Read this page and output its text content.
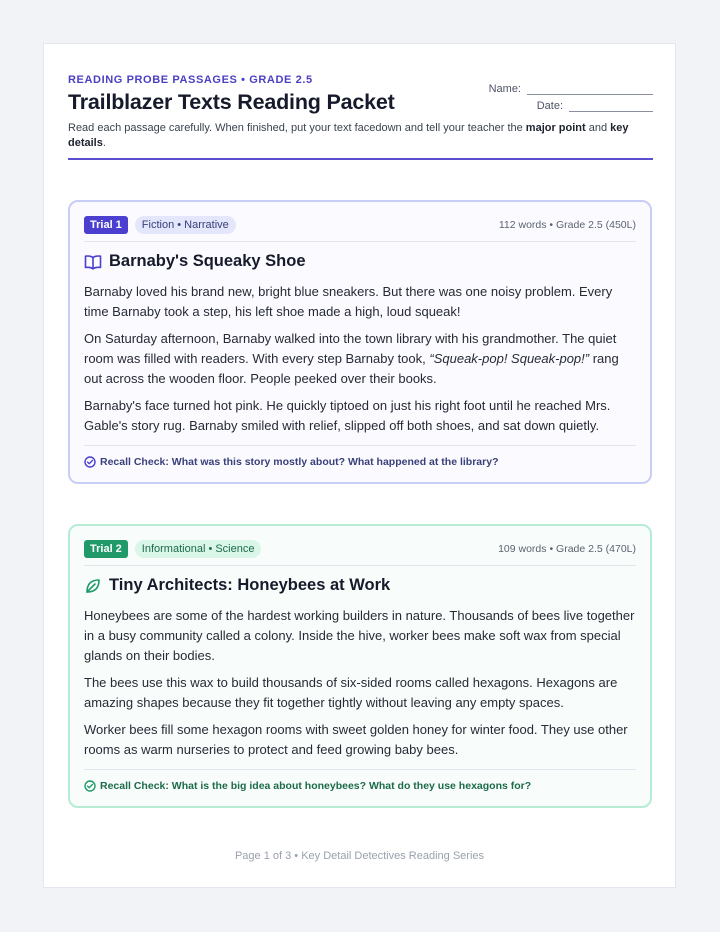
READING PROBE PASSAGES • GRADE 2.5
Trailblazer Texts Reading Packet
Read each passage carefully. When finished, put your text facedown and tell your teacher the major point and key details.
Name:
Date:
Trial 1	Fiction • Narrative	112 words • Grade 2.5 (450L)
Barnaby's Squeaky Shoe

Barnaby loved his brand new, bright blue sneakers. But there was one noisy problem. Every time Barnaby took a step, his left shoe made a high, loud squeak!

On Saturday afternoon, Barnaby walked into the town library with his grandmother. The quiet room was filled with readers. With every step Barnaby took, “Squeak-pop! Squeak-pop!” rang out across the wooden floor. People peeked over their books.

Barnaby's face turned hot pink. He quickly tiptoed on just his right foot until he reached Mrs. Gable's story rug. Barnaby smiled with relief, slipped off both shoes, and sat down quietly.

Recall Check: What was this story mostly about? What happened at the library?
Trial 2	Informational • Science	109 words • Grade 2.5 (470L)
Tiny Architects: Honeybees at Work

Honeybees are some of the hardest working builders in nature. Thousands of bees live together in a busy community called a colony. Inside the hive, worker bees make soft wax from special glands on their bodies.

The bees use this wax to build thousands of six-sided rooms called hexagons. Hexagons are amazing shapes because they fit together tightly without leaving any empty spaces.

Worker bees fill some hexagon rooms with sweet golden honey for winter food. They use other rooms as warm nurseries to protect and feed growing baby bees.

Recall Check: What is the big idea about honeybees? What do they use hexagons for?
Page 1 of 3 • Key Detail Detectives Reading Series
